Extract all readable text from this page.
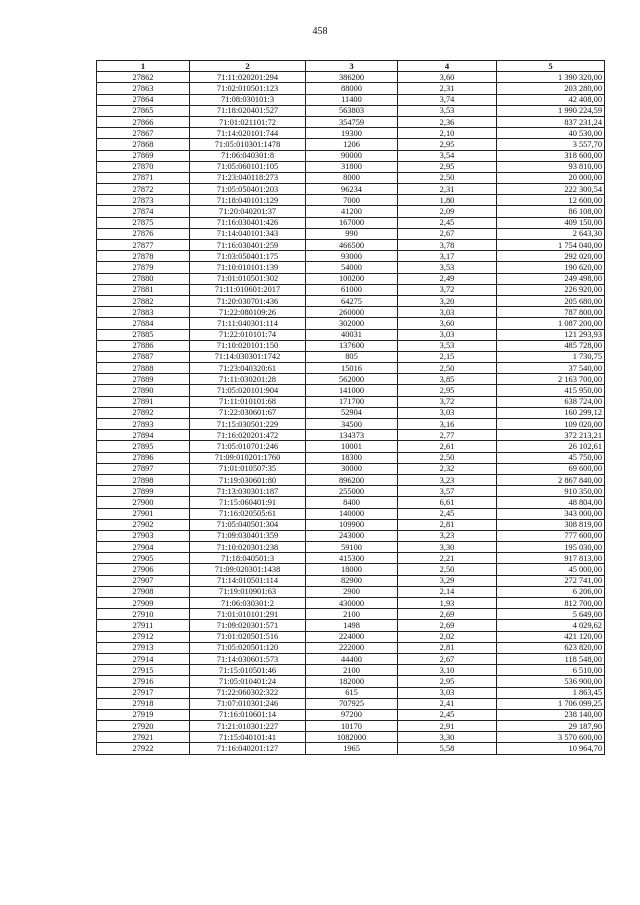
458
1	2	3	4	5
27862	71:11:020201:294	386200	3,60	1 390 320,00
27863	71:02:010501:123	88000	2,31	203 280,00
27864	71:08:030101:3	11400	3,74	42 408,00
27865	71:18:020401:527	563803	3,53	1 990 224,59
27866	71:01:021101:72	354759	2,36	837 231,24
27867	71:14:020101:744	19300	2,10	40 530,00
27868	71:05:010301:1478	1206	2,95	3 557,70
27869	71:06:040301:8	90000	3,54	318 600,00
27870	71:05:060101:105	31800	2,95	93 810,00
27871	71:23:040118:273	8000	2,50	20 000,00
27872	71:05:050401:203	96234	2,31	222 300,54
27873	71:18:040101:129	7000	1,80	12 600,00
27874	71:20:040201:37	41200	2,09	86 108,00
27875	71:16:030401:426	167000	2,45	409 150,00
27876	71:14:040101:343	990	2,67	2 643,30
27877	71:16:030401:259	466500	3,78	1 754 040,00
27878	71:03:050401:175	93000	3,17	292 020,00
27879	71:10:010101:139	54000	3,53	190 620,00
27880	71:01:010501:302	100200	2,49	249 498,00
27881	71:11:010601:2017	61000	3,72	226 920,00
27882	71:20:030701:436	64275	3,20	205 680,00
27883	71:22:080109:26	260000	3,03	787 800,00
27884	71:11:040301:114	302000	3,60	1 087 200,00
27885	71:22:010101:74	40031	3,03	121 293,93
27886	71:10:020101:150	137600	3,53	485 728,00
27887	71:14:030301:1742	805	2,15	1 730,75
27888	71:23:040320:61	15016	2,50	37 540,00
27889	71:11:030201:28	562000	3,85	2 163 700,00
27890	71:05:020101:904	141000	2,95	415 950,00
27891	71:11:010101:68	171700	3,72	638 724,00
27892	71:22:030601:67	52904	3,03	160 299,12
27893	71:15:030501:229	34500	3,16	109 020,00
27894	71:16:020201:472	134373	2,77	372 213,21
27895	71:05:010701:246	10001	2,61	26 102,61
27896	71:09:010201:1760	18300	2,50	45 750,00
27897	71:01:010507:35	30000	2,32	69 600,00
27898	71:19:030601:80	896200	3,23	2 867 840,00
27899	71:13:030301:187	255000	3,57	910 350,00
27900	71:15:060401:91	8400	6,61	48 804,00
27901	71:16:020505:61	140000	2,45	343 000,00
27902	71:05:040501:304	109900	2,81	308 819,00
27903	71:09:030401:359	243000	3,23	777 600,00
27904	71:10:020301:238	59100	3,30	195 030,00
27905	71:18:040501:3	415300	2,21	917 813,00
27906	71:09:020301:1438	18000	2,50	45 000,00
27907	71:14:010501:114	82900	3,29	272 741,00
27908	71:19:010901:63	2900	2,14	6 206,00
27909	71:06:030301:2	430000	1,93	812 700,00
27910	71:01:010101:291	2100	2,69	5 649,00
27911	71:09:020301:571	1498	2,69	4 029,62
27912	71:01:020501:516	224000	2,02	421 120,00
27913	71:05:020501:120	222000	2,81	623 820,00
27914	71:14:030601:573	44400	2,67	118 548,00
27915	71:15:010501:46	2100	3,10	6 510,00
27916	71:05:010401:24	182000	2,95	536 900,00
27917	71:22:060302:322	615	3,03	1 863,45
27918	71:07:010301:246	707925	2,41	1 706 099,25
27919	71:16:010601:14	97200	2,45	238 140,00
27920	71:21:010301:227	10170	2,91	29 187,90
27921	71:15:040101:41	1082000	3,30	3 570 600,00
27922	71:16:040201:127	1965	5,58	10 964,70
